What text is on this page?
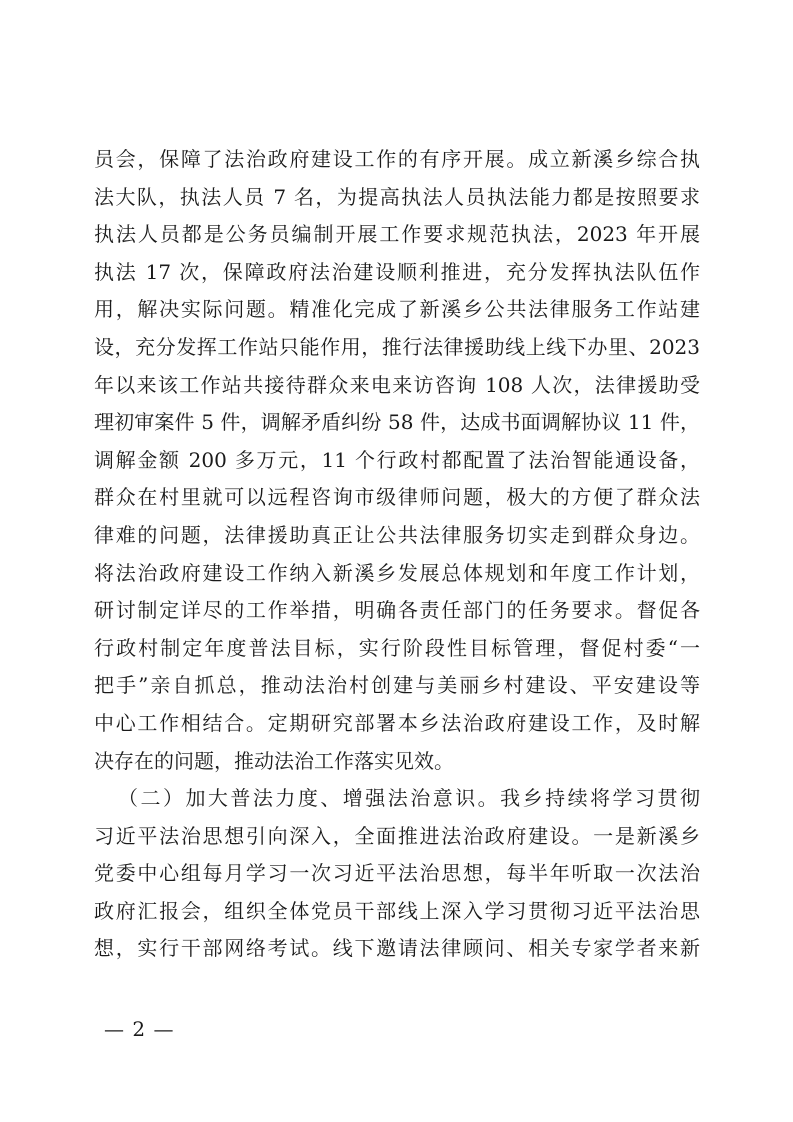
员会，保障了法治政府建设工作的有序开展。成立新溪乡综合执
法大队，执法人员 7 名，为提高执法人员执法能力都是按照要求
执法人员都是公务员编制开展工作要求规范执法，2023 年开展
执法 17 次，保障政府法治建设顺利推进，充分发挥执法队伍作
用，解决实际问题。精准化完成了新溪乡公共法律服务工作站建
设，充分发挥工作站只能作用，推行法律援助线上线下办里、2023
年以来该工作站共接待群众来电来访咨询 108 人次，法律援助受
理初审案件 5 件，调解矛盾纠纷 58 件，达成书面调解协议 11 件，
调解金额 200 多万元，11 个行政村都配置了法治智能通设备，
群众在村里就可以远程咨询市级律师问题，极大的方便了群众法
律难的问题，法律援助真正让公共法律服务切实走到群众身边。
将法治政府建设工作纳入新溪乡发展总体规划和年度工作计划，
研讨制定详尽的工作举措，明确各责任部门的任务要求。督促各
行政村制定年度普法目标，实行阶段性目标管理，督促村委“一
把手”亲自抓总，推动法治村创建与美丽乡村建设、平安建设等
中心工作相结合。定期研究部署本乡法治政府建设工作，及时解
决存在的问题，推动法治工作落实见效。
（二）加大普法力度、增强法治意识。我乡持续将学习贯彻
习近平法治思想引向深入，全面推进法治政府建设。一是新溪乡
党委中心组每月学习一次习近平法治思想，每半年听取一次法治
政府汇报会，组织全体党员干部线上深入学习贯彻习近平法治思
想，实行干部网络考试。线下邀请法律顾问、相关专家学者来新
— 2 —
